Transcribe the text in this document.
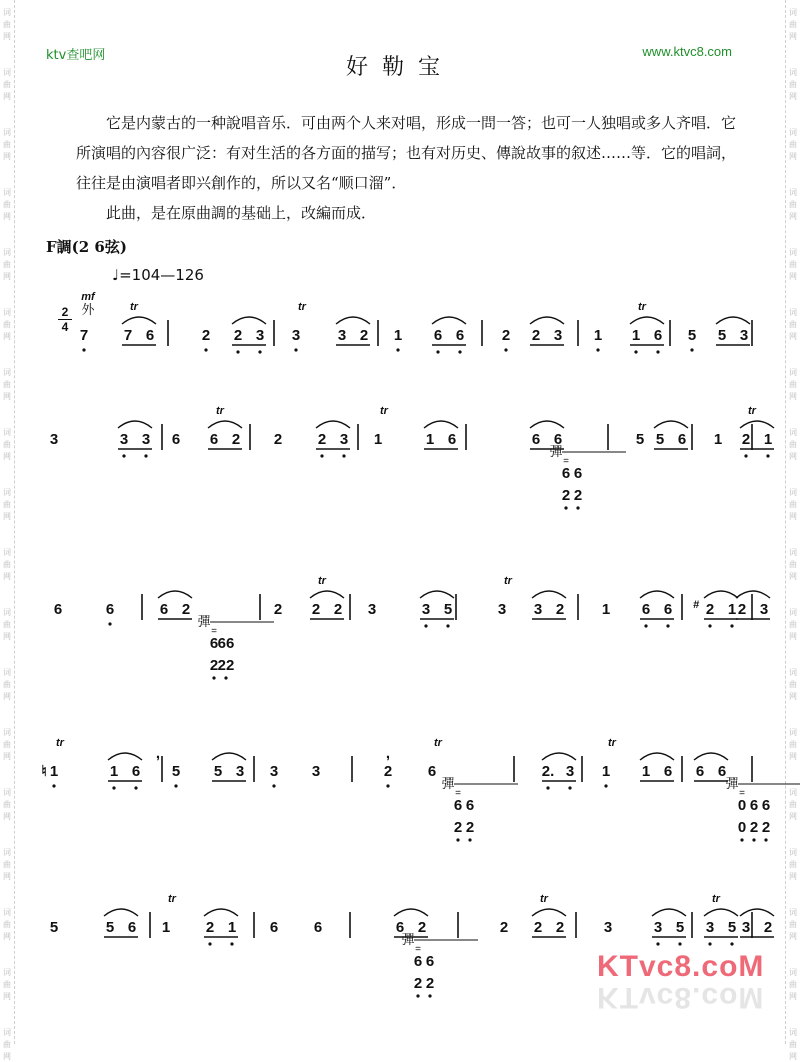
词
曲
网
词
曲
网
词
曲
网
词
曲
网
词
曲
网
词
曲
网
词
曲
网
词
曲
网
词
曲
网
词
曲
网
词
曲
网
词
曲
网
词
曲
网
词
曲
网
词
曲
网
词
曲
网
词
曲
网
词
曲
网
词
曲
网
词
曲
网
词
曲
网
词
曲
网
词
曲
网
词
曲
网
词
曲
网
词
曲
网
词
曲
网
词
曲
网
词
曲
网
词
曲
网
词
曲
网
词
曲
网
词
曲
网
词
曲
网
词
曲
网
词
曲
网
ktv查吧网	www.ktvc8.com
好勒宝

它是内蒙古的一种說唱音乐．可由两个人来对唱，形成一問一答；也可一人独唱或多人齐唱．它所演唱的內容很广泛：有对生活的各方面的描写；也有对历史、傳說故事的叙述……等．它的唱詞，往往是由演唱者即兴創作的，所以又名“顺口溜”．

此曲，是在原曲調的基础上，改編而成．

F調(2 6弦)
♩=104—126
2
4 7 7 6
tr
2 2 3 3
tr
3 2 1 6 6	2 2 3 1 1 6
tr
5 5 3
mf
外
3	3 3 6 6 2
tr
2 2 3 1
tr
1 6	6 6
6 6
2 2
彈
=
5 5 6 1 2 1
tr
6	6	6 2
6 66
2 22
彈
=
2 2 2
tr
3	3 5	3
tr
3 2	1 6 6 2 1 2 3
#
1
tr
1 6 5 5 3 3 3	2 6
tr
6 6
2 2
彈
=
2. 3 1
tr
1 6 6 6
0 6 6
0 2 2
彈
=
♮
,	,
5	5 6 1
tr
2 1 6 6	6 2
6 6
2 2
彈
=
2 2 2
tr
3	3 5 3 5
tr
3 2
KTvc8.coM
KTvc8.coM
